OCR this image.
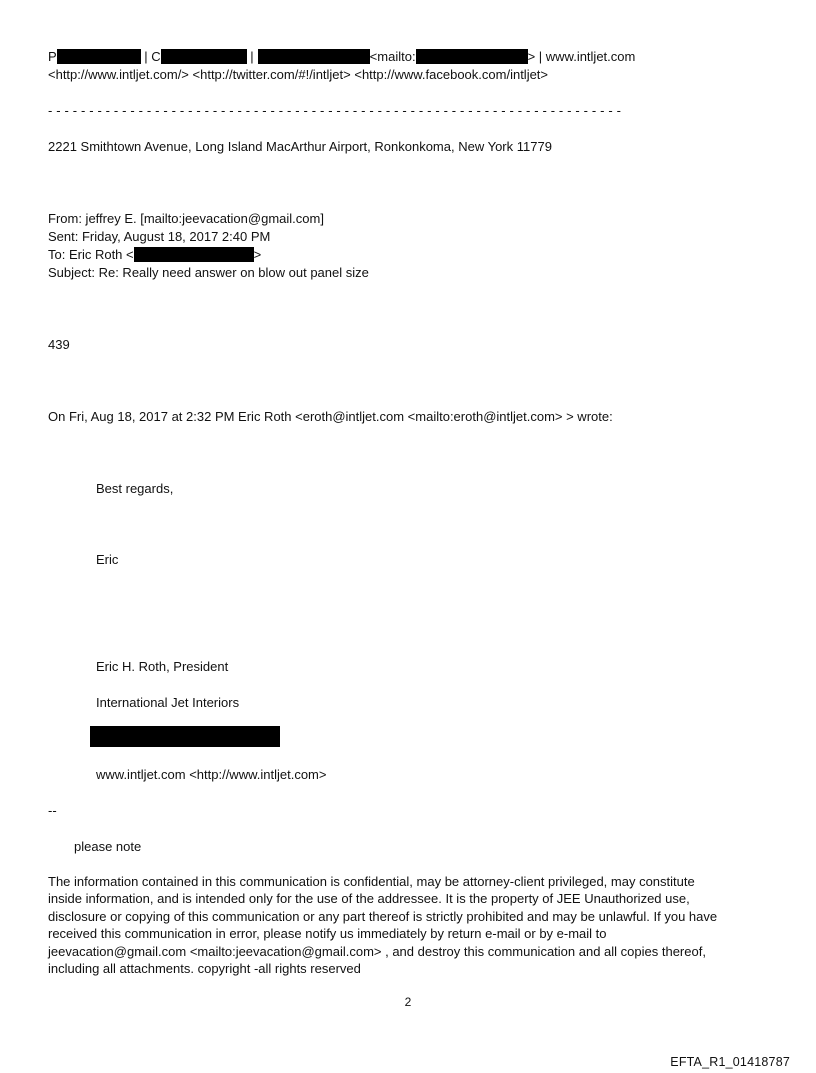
P	| C	|	<mailto:	> | www.intljet.com
<http://www.intljet.com/> <http://twitter.com/#!/intljet> <http://www.facebook.com/intljet>
- - - - - - - - - - - - - - - - - - - - - - - - - - - - - - - - - - - - - - - - - - - - - - - - - - - - - - - - - - - - - - - - - - - - - -
2221 Smithtown Avenue, Long Island MacArthur Airport, Ronkonkoma, New York 11779
From: jeffrey E. [mailto:jeevacation@gmail.com]
Sent: Friday, August 18, 2017 2:40 PM
To: Eric Roth <	>
Subject: Re: Really need answer on blow out panel size
439
On Fri, Aug 18, 2017 at 2:32 PM Eric Roth <eroth@intljet.com <mailto:eroth@intljet.com> > wrote:
Best regards,
Eric
Eric H. Roth, President
International Jet Interiors
www.intljet.com <http://www.intljet.com>
--
please note
The information contained in this communication is confidential, may be attorney-client privileged, may constitute
inside information, and is intended only for the use of the addressee. It is the property of JEE Unauthorized use,
disclosure or copying of this communication or any part thereof is strictly prohibited and may be unlawful. If you have
received this communication in error, please notify us immediately by return e-mail or by e-mail to
jeevacation@gmail.com <mailto:jeevacation@gmail.com> , and destroy this communication and all copies thereof,
including all attachments. copyright -all rights reserved
2
EFTA_R1_01418787
